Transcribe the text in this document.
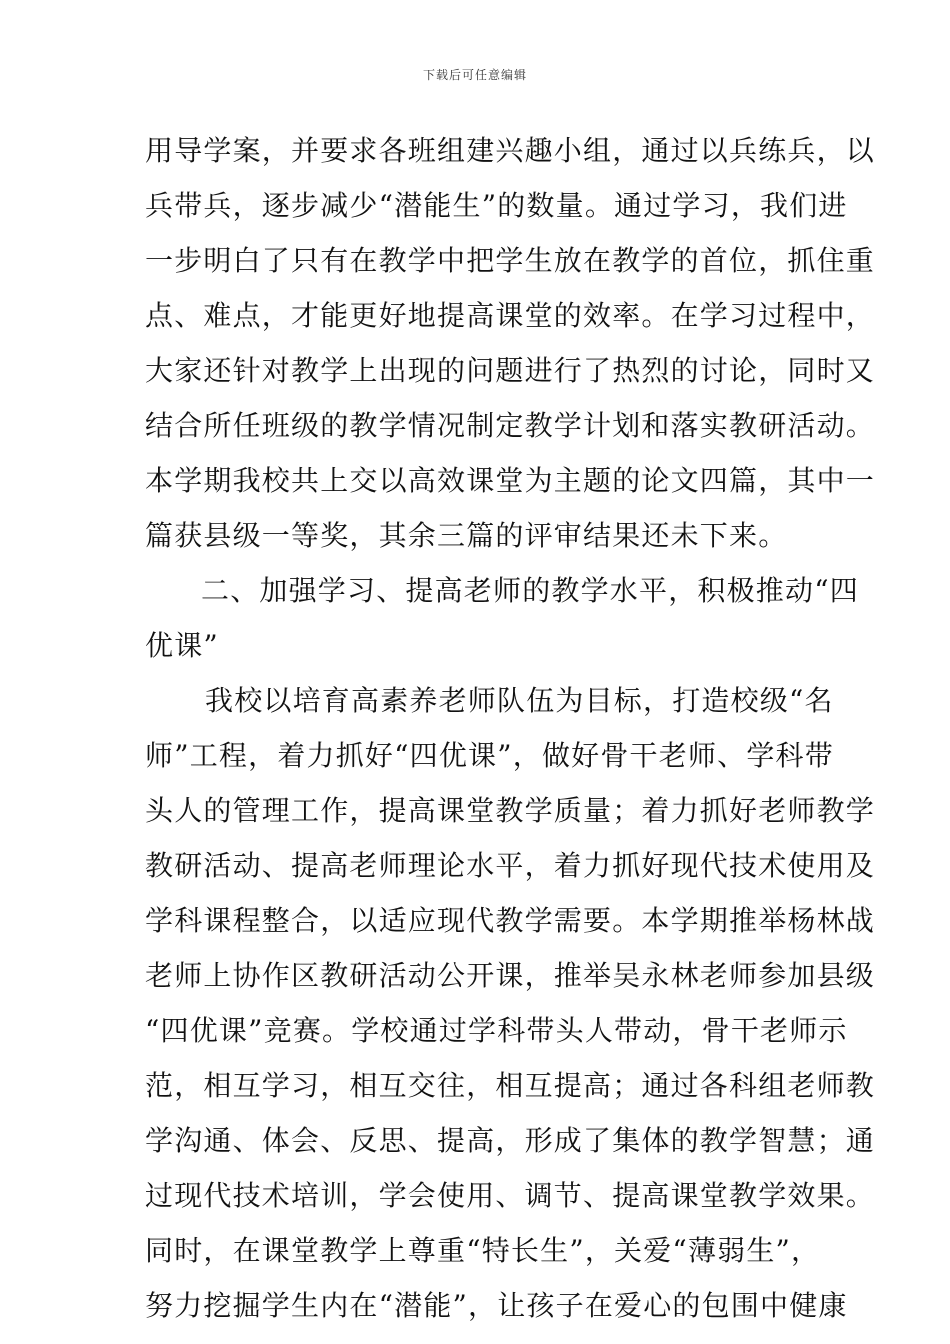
下载后可任意编辑
用导学案，并要求各班组建兴趣小组，通过以兵练兵，以
兵带兵，逐步减少“潜能生”的数量。通过学习，我们进
一步明白了只有在教学中把学生放在教学的首位，抓住重
点、难点，才能更好地提高课堂的效率。在学习过程中，
大家还针对教学上出现的问题进行了热烈的讨论，同时又
结合所任班级的教学情况制定教学计划和落实教研活动。
本学期我校共上交以高效课堂为主题的论文四篇，其中一
篇获县级一等奖，其余三篇的评审结果还未下来。
二、加强学习、提高老师的教学水平，积极推动“四
优课”
我校以培育高素养老师队伍为目标，打造校级“名
师”工程，着力抓好“四优课”，做好骨干老师、学科带
头人的管理工作，提高课堂教学质量；着力抓好老师教学
教研活动、提高老师理论水平，着力抓好现代技术使用及
学科课程整合，以适应现代教学需要。本学期推举杨林战
老师上协作区教研活动公开课，推举吴永林老师参加县级
“四优课”竞赛。学校通过学科带头人带动，骨干老师示
范，相互学习，相互交往，相互提高；通过各科组老师教
学沟通、体会、反思、提高，形成了集体的教学智慧；通
过现代技术培训，学会使用、调节、提高课堂教学效果。
同时，在课堂教学上尊重“特长生”，关爱“薄弱生”，
努力挖掘学生内在“潜能”，让孩子在爱心的包围中健康
